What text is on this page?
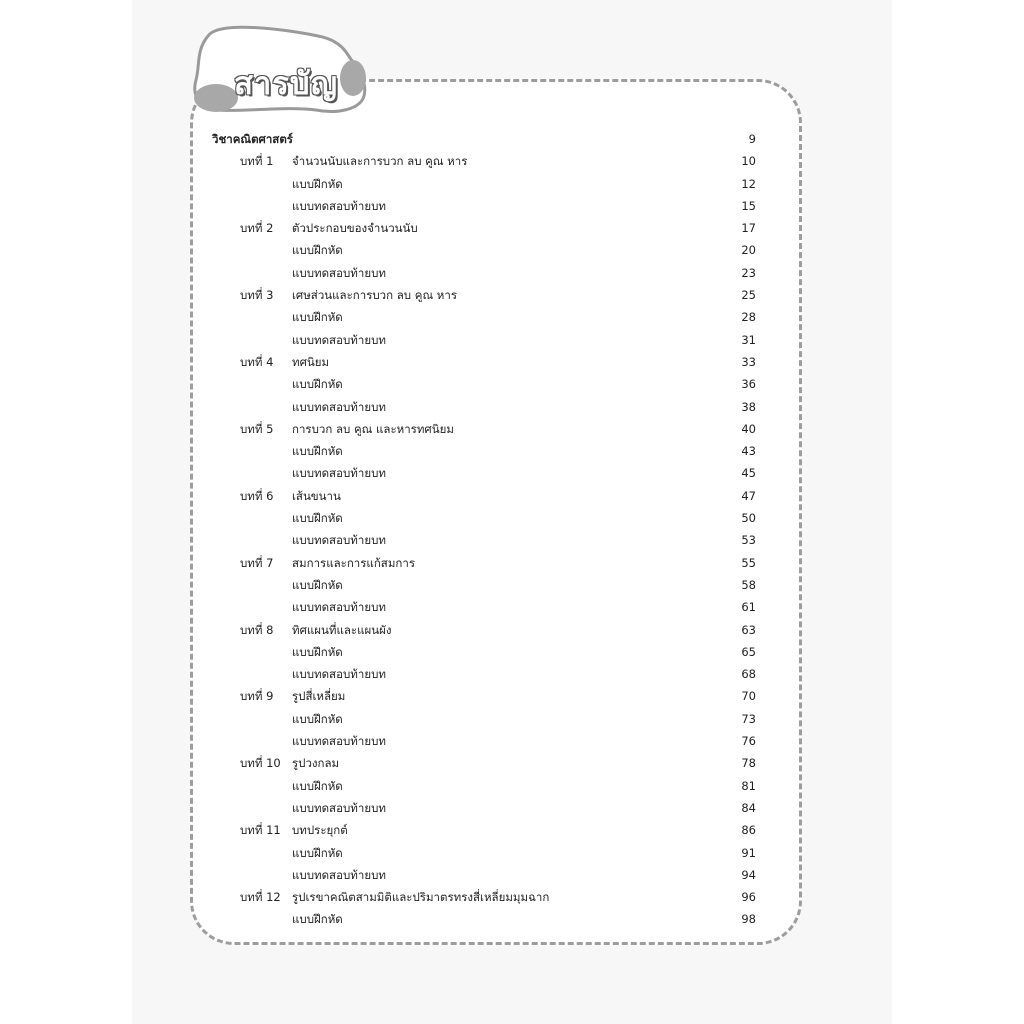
สารบัญ
วิชาคณิตศาสตร์	9
บทที่ 1 จำนวนนับและการบวก ลบ คูณ หาร	10
แบบฝึกหัด	12
แบบทดสอบท้ายบท	15
บทที่ 2 ตัวประกอบของจำนวนนับ	17
แบบฝึกหัด	20
แบบทดสอบท้ายบท	23
บทที่ 3 เศษส่วนและการบวก ลบ คูณ หาร	25
แบบฝึกหัด	28
แบบทดสอบท้ายบท	31
บทที่ 4 ทศนิยม	33
แบบฝึกหัด	36
แบบทดสอบท้ายบท	38
บทที่ 5 การบวก ลบ คูณ และหารทศนิยม	40
แบบฝึกหัด	43
แบบทดสอบท้ายบท	45
บทที่ 6 เส้นขนาน	47
แบบฝึกหัด	50
แบบทดสอบท้ายบท	53
บทที่ 7 สมการและการแก้สมการ	55
แบบฝึกหัด	58
แบบทดสอบท้ายบท	61
บทที่ 8 ทิศแผนที่และแผนผัง	63
แบบฝึกหัด	65
แบบทดสอบท้ายบท	68
บทที่ 9 รูปสี่เหลี่ยม	70
แบบฝึกหัด	73
แบบทดสอบท้ายบท	76
บทที่ 10 รูปวงกลม	78
แบบฝึกหัด	81
แบบทดสอบท้ายบท	84
บทที่ 11 บทประยุกต์	86
แบบฝึกหัด	91
แบบทดสอบท้ายบท	94
บทที่ 12 รูปเรขาคณิตสามมิติและปริมาตรทรงสี่เหลี่ยมมุมฉาก	96
แบบฝึกหัด	98
